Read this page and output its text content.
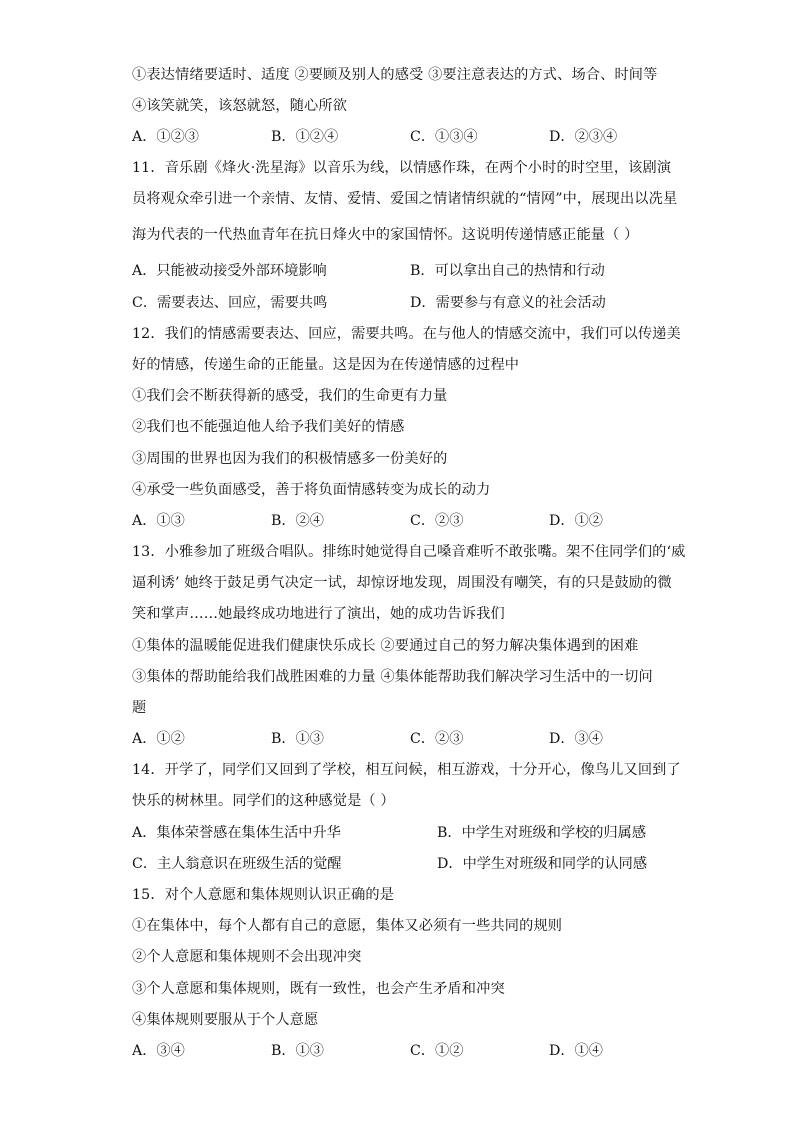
①表达情绪要适时、适度 ②要顾及别人的感受 ③要注意表达的方式、场合、时间等
④该笑就笑，该怒就怒，随心所欲
A．①②③	B．①②④	C．①③④	D．②③④
11．音乐剧《烽火·洗星海》以音乐为线，以情感作珠，在两个小时的时空里，该剧演
员将观众牵引进一个亲情、友情、爱情、爱国之情诸情织就的“情网”中，展现出以冼星
海为代表的一代热血青年在抗日烽火中的家国情怀。这说明传递情感正能量（ ）
A．只能被动接受外部环境影响	B．可以拿出自己的热情和行动
C．需要表达、回应，需要共鸣	D．需要参与有意义的社会活动
12．我们的情感需要表达、回应，需要共鸣。在与他人的情感交流中，我们可以传递美
好的情感，传递生命的正能量。这是因为在传递情感的过程中
①我们会不断获得新的感受，我们的生命更有力量
②我们也不能强迫他人给予我们美好的情感
③周围的世界也因为我们的积极情感多一份美好的
④承受一些负面感受，善于将负面情感转变为成长的动力
A．①③	B．②④	C．②③	D．①②
13．小雅参加了班级合唱队。排练时她觉得自己嗓音难听不敢张嘴。架不住同学们的‘威
逼利诱’ 她终于鼓足勇气决定一试，却惊讶地发现，周围没有嘲笑，有的只是鼓励的微
笑和掌声……她最终成功地进行了演出，她的成功告诉我们
①集体的温暖能促进我们健康快乐成长 ②要通过自己的努力解决集体遇到的困难
③集体的帮助能给我们战胜困难的力量 ④集体能帮助我们解决学习生活中的一切问
题
A．①②	B．①③	C．②③	D．③④
14．开学了，同学们又回到了学校，相互问候，相互游戏，十分开心，像鸟儿又回到了
快乐的树林里。同学们的这种感觉是（ ）
A．集体荣誉感在集体生活中升华	B．中学生对班级和学校的归属感
C．主人翁意识在班级生活的觉醒	D．中学生对班级和同学的认同感
15．对个人意愿和集体规则认识正确的是
①在集体中，每个人都有自己的意愿，集体又必须有一些共同的规则
②个人意愿和集体规则不会出现冲突
③个人意愿和集体规则，既有一致性，也会产生矛盾和冲突
④集体规则要服从于个人意愿
A．③④	B．①③	C．①②	D．①④
